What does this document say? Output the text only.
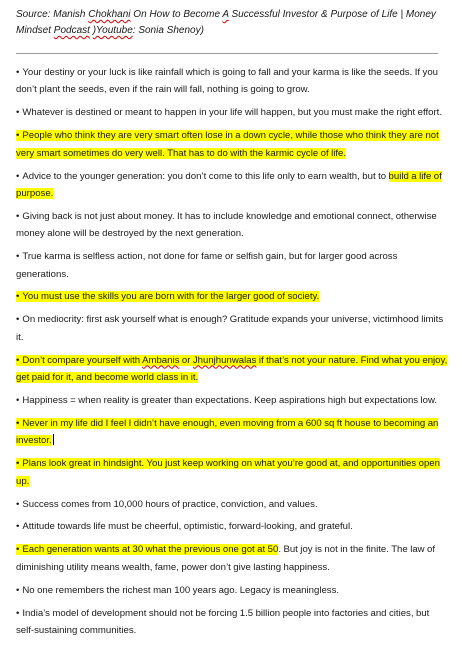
Source: Manish Chokhani On How to Become A Successful Investor & Purpose of Life | Money Mindset Podcast )Youtube: Sonia Shenoy)

• Your destiny or your luck is like rainfall which is going to fall and your karma is like the seeds. If you don’t plant the seeds, even if the rain will fall, nothing is going to grow.

• Whatever is destined or meant to happen in your life will happen, but you must make the right effort.

• People who think they are very smart often lose in a down cycle, while those who think they are not very smart sometimes do very well. That has to do with the karmic cycle of life.

• Advice to the younger generation: you don’t come to this life only to earn wealth, but to build a life of purpose.

• Giving back is not just about money. It has to include knowledge and emotional connect, otherwise money alone will be destroyed by the next generation.

• True karma is selfless action, not done for fame or selfish gain, but for larger good across generations.

• You must use the skills you are born with for the larger good of society.

• On mediocrity: first ask yourself what is enough? Gratitude expands your universe, victimhood limits it.

• Don’t compare yourself with Ambanis or Jhunjhunwalas if that’s not your nature. Find what you enjoy, get paid for it, and become world class in it.

• Happiness = when reality is greater than expectations. Keep aspirations high but expectations low.

• Never in my life did I feel I didn’t have enough, even moving from a 600 sq ft house to becoming an investor.

• Plans look great in hindsight. You just keep working on what you’re good at, and opportunities open up.

• Success comes from 10,000 hours of practice, conviction, and values.

• Attitude towards life must be cheerful, optimistic, forward-looking, and grateful.

• Each generation wants at 30 what the previous one got at 50. But joy is not in the finite. The law of diminishing utility means wealth, fame, power don’t give lasting happiness.

• No one remembers the richest man 100 years ago. Legacy is meaningless.

• India’s model of development should not be forcing 1.5 billion people into factories and cities, but self-sustaining communities.
